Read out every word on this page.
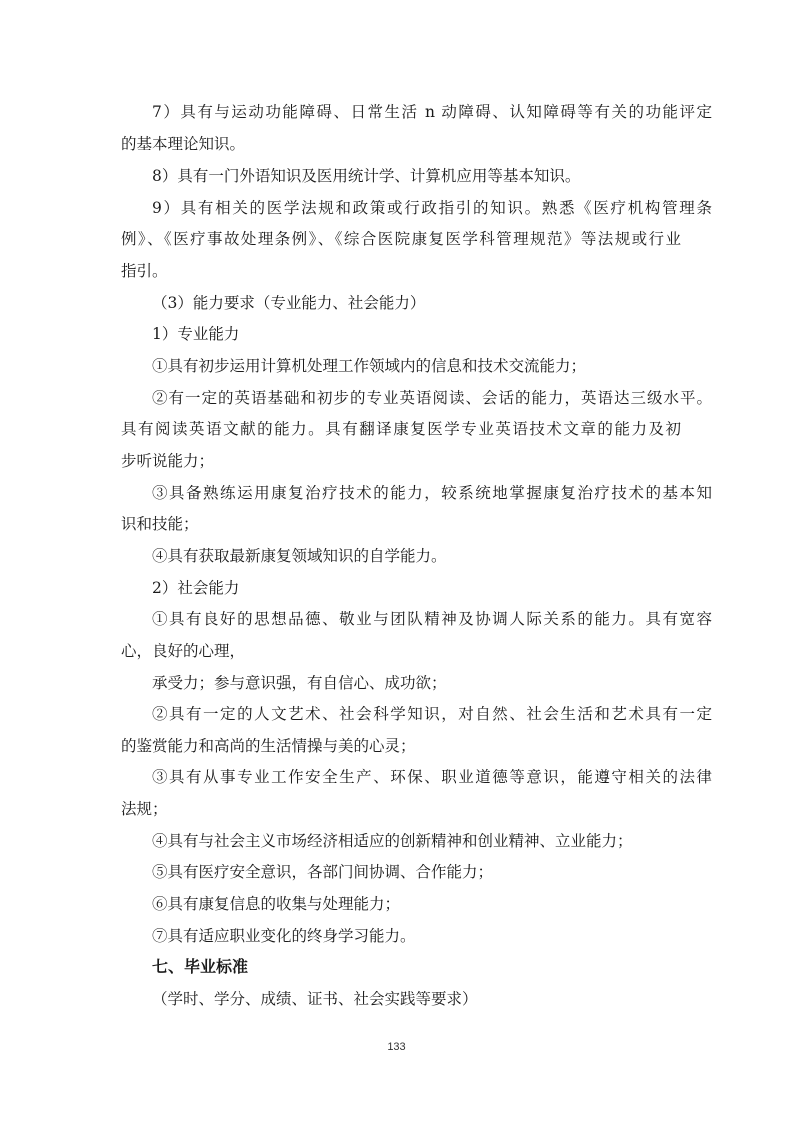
7）具有与运动功能障碍、日常生活 n 动障碍、认知障碍等有关的功能评定
的基本理论知识。
8）具有一门外语知识及医用统计学、计算机应用等基本知识。
9）具有相关的医学法规和政策或行政指引的知识。熟悉《医疗机构管理条
例》、《医疗事故处理条例》、《综合医院康复医学科管理规范》等法规或行业
指引。
（3）能力要求（专业能力、社会能力）
1）专业能力
①具有初步运用计算机处理工作领域内的信息和技术交流能力；
②有一定的英语基础和初步的专业英语阅读、会话的能力，英语达三级水平。
具有阅读英语文献的能力。具有翻译康复医学专业英语技术文章的能力及初
步听说能力；
③具备熟练运用康复治疗技术的能力，较系统地掌握康复治疗技术的基本知
识和技能；
④具有获取最新康复领域知识的自学能力。
2）社会能力
①具有良好的思想品德、敬业与团队精神及协调人际关系的能力。具有宽容
心，良好的心理，
承受力；参与意识强，有自信心、成功欲；
②具有一定的人文艺术、社会科学知识，对自然、社会生活和艺术具有一定
的鉴赏能力和高尚的生活情操与美的心灵；
③具有从事专业工作安全生产、环保、职业道德等意识，能遵守相关的法律
法规；
④具有与社会主义市场经济相适应的创新精神和创业精神、立业能力；
⑤具有医疗安全意识，各部门间协调、合作能力；
⑥具有康复信息的收集与处理能力；
⑦具有适应职业变化的终身学习能力。
七、毕业标准
（学时、学分、成绩、证书、社会实践等要求）
133
